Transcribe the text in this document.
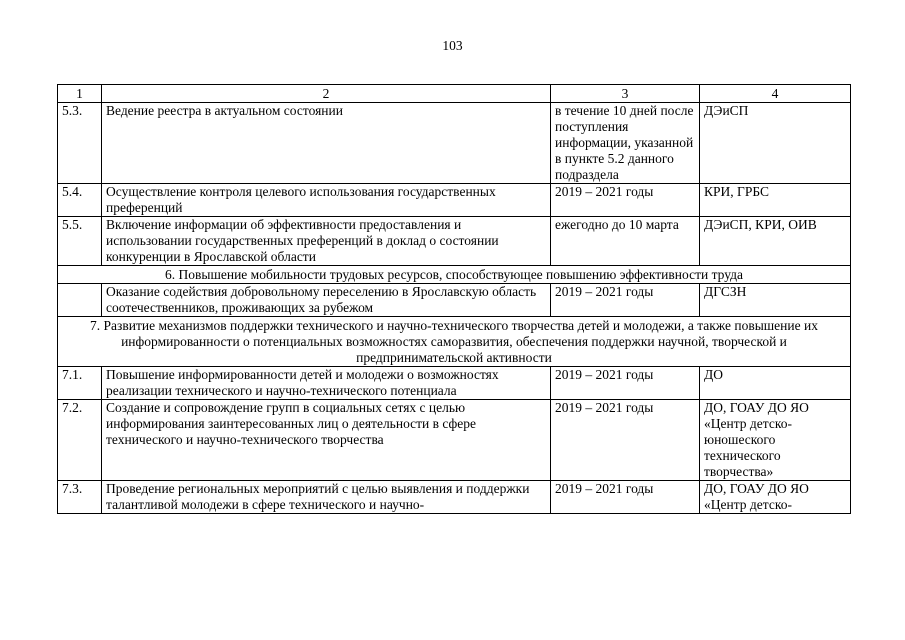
103
1	2	3	4
5.3.	Ведение реестра в актуальном состоянии	в течение 10 дней после поступления информации, указанной в пункте 5.2 данного подраздела	ДЭиСП
5.4.	Осуществление контроля целевого использования государственных преференций	2019 – 2021 годы	КРИ, ГРБС
5.5.	Включение информации об эффективности предоставления и использовании государственных преференций в доклад о состоянии конкуренции в Ярославской области	ежегодно до 10 марта	ДЭиСП, КРИ, ОИВ
6. Повышение мобильности трудовых ресурсов, способствующее повышению эффективности труда			
	Оказание содействия добровольному переселению в Ярославскую область соотечественников, проживающих за рубежом	2019 – 2021 годы	ДГСЗН
7. Развитие механизмов поддержки технического и научно-технического творчества детей и молодежи, а также повышение их информированности о потенциальных возможностях саморазвития, обеспечения поддержки научной, творческой и предпринимательской активности			
7.1.	Повышение информированности детей и молодежи о возможностях реализации технического и научно-технического потенциала	2019 – 2021 годы	ДО
7.2.	Создание и сопровождение групп в социальных сетях с целью информирования заинтересованных лиц о деятельности в сфере технического и научно-технического творчества	2019 – 2021 годы	ДО, ГОАУ ДО ЯО «Центр детско-юношеского технического творчества»
7.3.	Проведение региональных мероприятий с целью выявления и поддержки талантливой молодежи в сфере технического и научно-	2019 – 2021 годы	ДО, ГОАУ ДО ЯО «Центр детско-
